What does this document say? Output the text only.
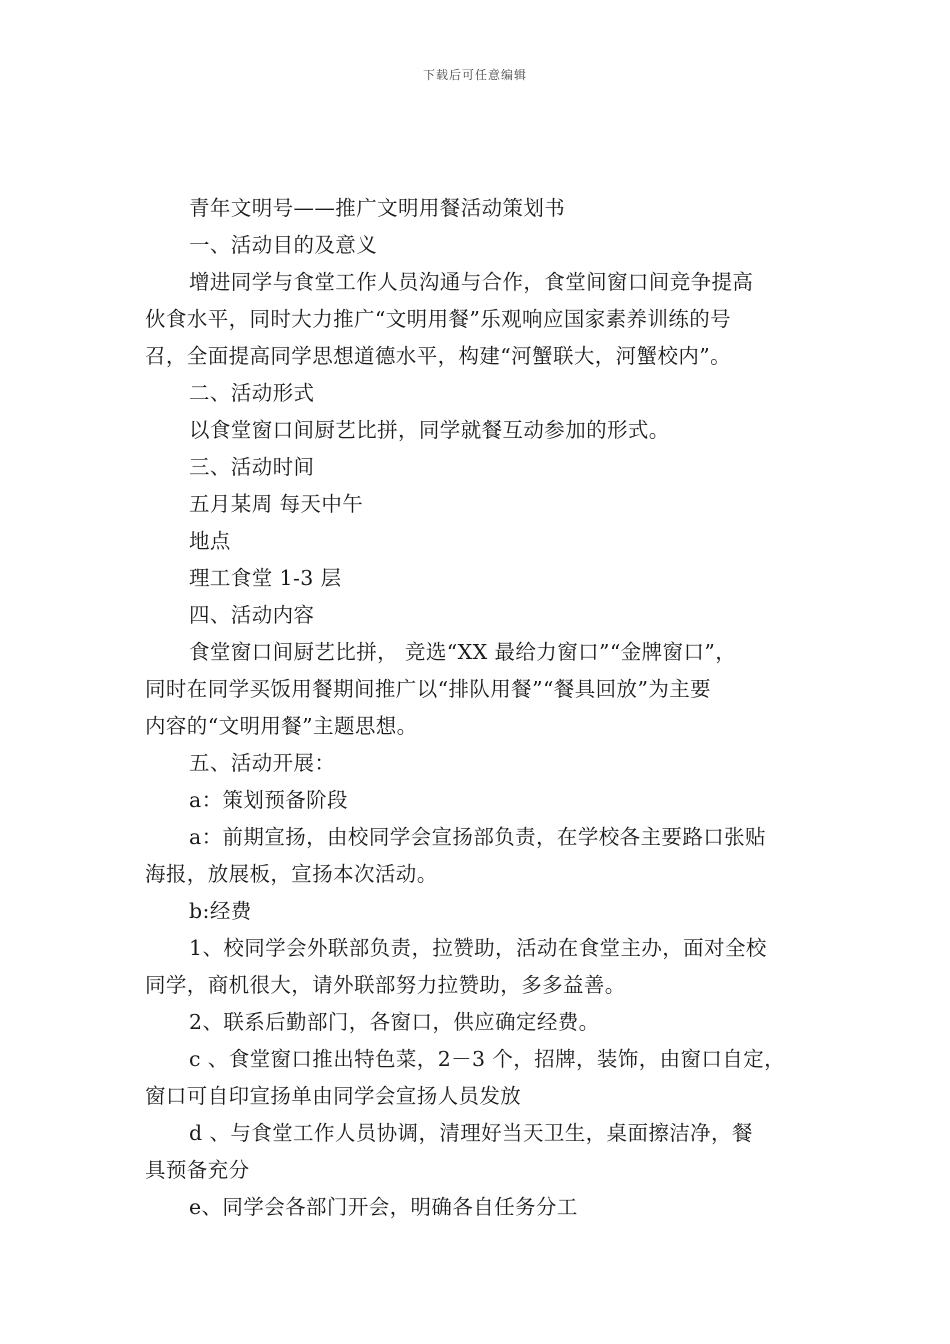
下载后可任意编辑
青年文明号——推广文明用餐活动策划书
一、活动目的及意义
增进同学与食堂工作人员沟通与合作，食堂间窗口间竞争提高
伙食水平，同时大力推广“文明用餐”乐观响应国家素养训练的号
召，全面提高同学思想道德水平，构建“河蟹联大，河蟹校内”。
二、活动形式
以食堂窗口间厨艺比拼，同学就餐互动参加的形式。
三、活动时间
五月某周 每天中午
地点
理工食堂 1-3 层
四、活动内容
食堂窗口间厨艺比拼， 竞选“XX 最给力窗口”“金牌窗口”，
同时在同学买饭用餐期间推广以“排队用餐”“餐具回放”为主要
内容的“文明用餐”主题思想。
五、活动开展：
a：策划预备阶段
a：前期宣扬，由校同学会宣扬部负责，在学校各主要路口张贴
海报，放展板，宣扬本次活动。
b:经费
1、校同学会外联部负责，拉赞助，活动在食堂主办，面对全校
同学，商机很大，请外联部努力拉赞助，多多益善。
2、联系后勤部门，各窗口，供应确定经费。
c 、食堂窗口推出特色菜，2－3 个，招牌，装饰，由窗口自定，
窗口可自印宣扬单由同学会宣扬人员发放
d 、与食堂工作人员协调，清理好当天卫生，桌面擦洁净，餐
具预备充分
e、同学会各部门开会，明确各自任务分工
